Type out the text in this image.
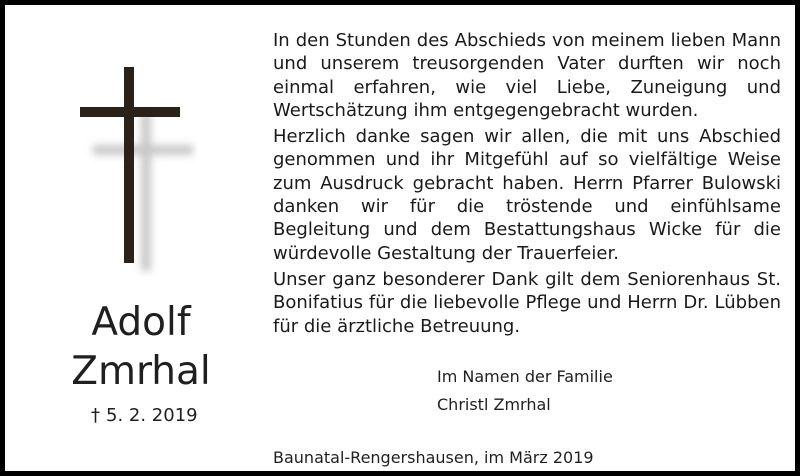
Adolf
Zmrhal
† 5. 2. 2019

In den Stunden des Abschieds von meinem lieben Mann und unserem treusorgenden Vater durften wir noch einmal erfahren, wie viel Liebe, Zuneigung und Wertschätzung ihm entgegengebracht wurden.

Herzlich danke sagen wir allen, die mit uns Abschied genommen und ihr Mitgefühl auf so vielfältige Weise zum Ausdruck gebracht haben. Herrn Pfarrer Bulowski danken wir für die tröstende und einfühlsame Begleitung und dem Bestattungshaus Wicke für die würdevolle Gestaltung der Trauerfeier.

Unser ganz besonderer Dank gilt dem Seniorenhaus St. Bonifatius für die liebevolle Pflege und Herrn Dr. Lübben für die ärztliche Betreuung.

Im Namen der Familie
Christl Zmrhal
Baunatal-Rengershausen, im März 2019
